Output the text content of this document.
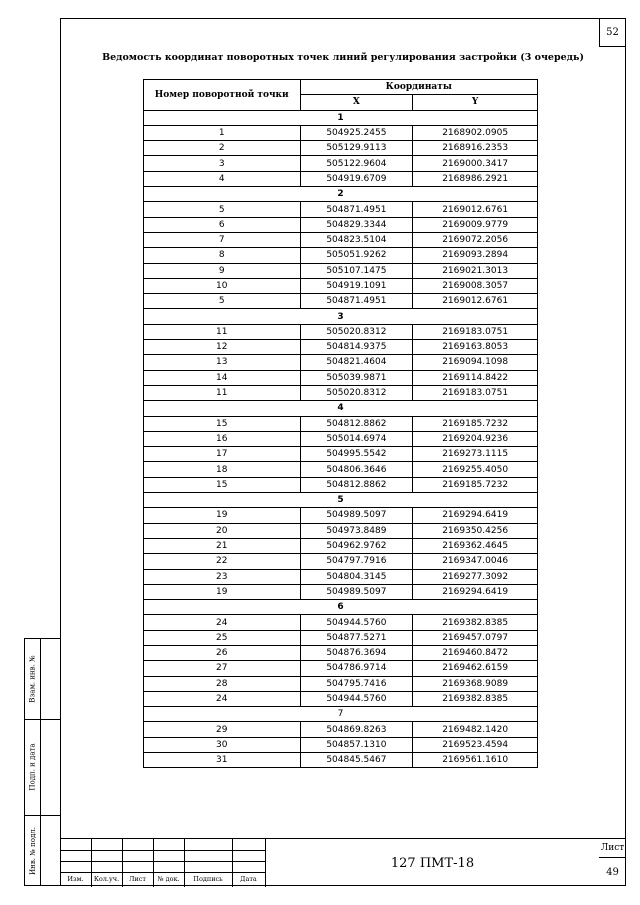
52
Взам. инв. №
Подп. и дата
Инв. № подл.
Ведомость координат поворотных точек линий регулирования застройки (3 очередь)
Номер поворотной точки	Координаты	
	X	Y
1		
1	504925.2455	2168902.0905
2	505129.9113	2168916.2353
3	505122.9604	2169000.3417
4	504919.6709	2168986.2921
2		
5	504871.4951	2169012.6761
6	504829.3344	2169009.9779
7	504823.5104	2169072.2056
8	505051.9262	2169093.2894
9	505107.1475	2169021.3013
10	504919.1091	2169008.3057
5	504871.4951	2169012.6761
3		
11	505020.8312	2169183.0751
12	504814.9375	2169163.8053
13	504821.4604	2169094.1098
14	505039.9871	2169114.8422
11	505020.8312	2169183.0751
4		
15	504812.8862	2169185.7232
16	505014.6974	2169204.9236
17	504995.5542	2169273.1115
18	504806.3646	2169255.4050
15	504812.8862	2169185.7232
5		
19	504989.5097	2169294.6419
20	504973.8489	2169350.4256
21	504962.9762	2169362.4645
22	504797.7916	2169347.0046
23	504804.3145	2169277.3092
19	504989.5097	2169294.6419
6		
24	504944.5760	2169382.8385
25	504877.5271	2169457.0797
26	504876.3694	2169460.8472
27	504786.9714	2169462.6159
28	504795.7416	2169368.9089
24	504944.5760	2169382.8385
7		
29	504869.8263	2169482.1420
30	504857.1310	2169523.4594
31	504845.5467	2169561.1610
Изм.	Кол.уч.	Лист	№ док.	Подпись	Дата
127 ПМТ-18
Лист
49
